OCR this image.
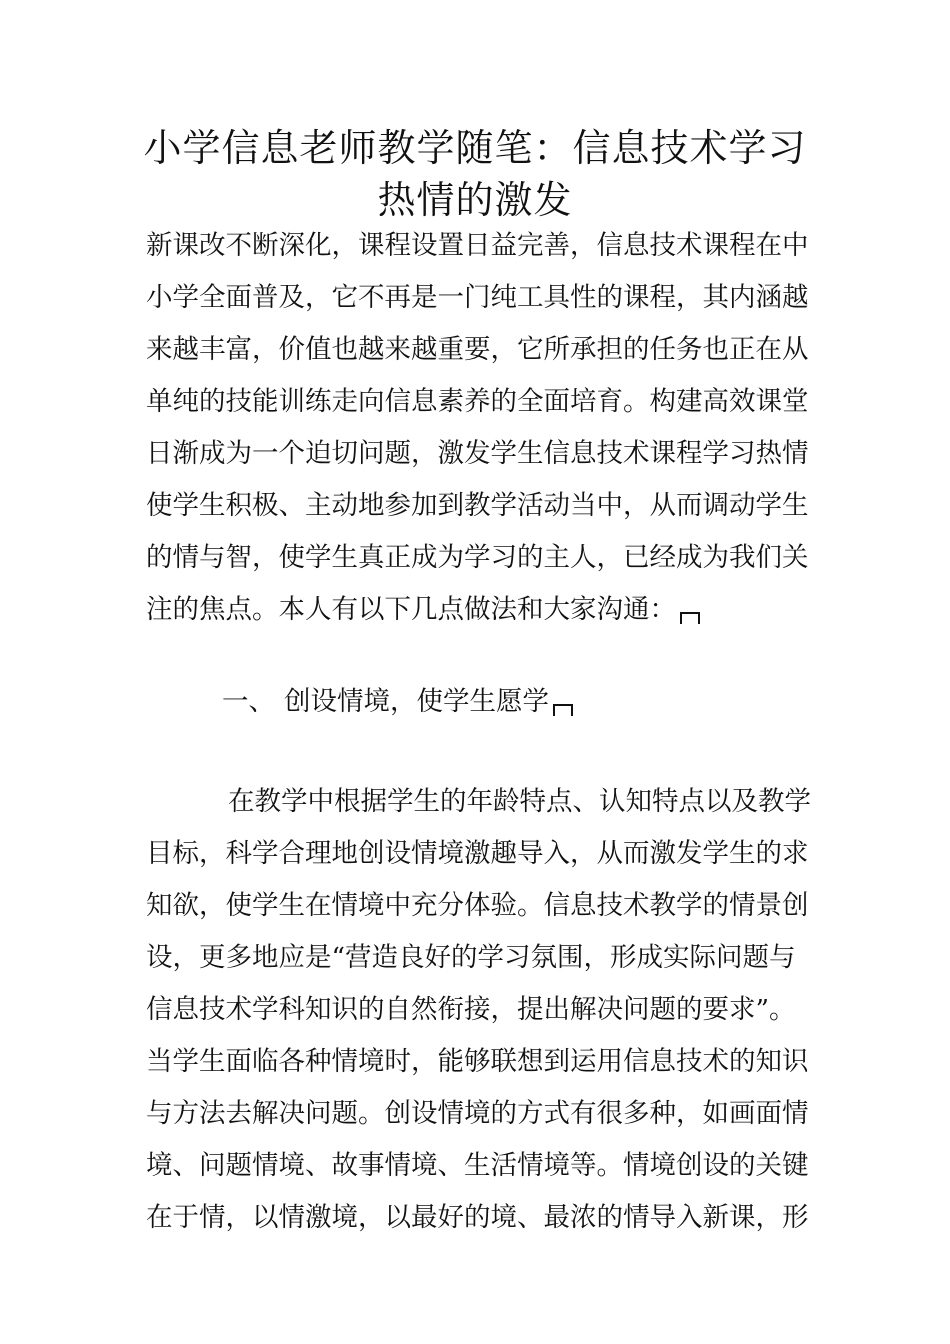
小学信息老师教学随笔：信息技术学习
热情的激发

新课改不断深化，课程设置日益完善，信息技术课程在中

小学全面普及，它不再是一门纯工具性的课程，其内涵越

来越丰富，价值也越来越重要，它所承担的任务也正在从

单纯的技能训练走向信息素养的全面培育。构建高效课堂

日渐成为一个迫切问题，激发学生信息技术课程学习热情

使学生积极、主动地参加到教学活动当中，从而调动学生

的情与智，使学生真正成为学习的主人，已经成为我们关

注的焦点。本人有以下几点做法和大家沟通：

一、 创设情境，使学生愿学

在教学中根据学生的年龄特点、认知特点以及教学

目标，科学合理地创设情境激趣导入，从而激发学生的求

知欲，使学生在情境中充分体验。信息技术教学的情景创

设，更多地应是“营造良好的学习氛围，形成实际问题与

信息技术学科知识的自然衔接，提出解决问题的要求”。

当学生面临各种情境时，能够联想到运用信息技术的知识

与方法去解决问题。创设情境的方式有很多种，如画面情

境、问题情境、故事情境、生活情境等。情境创设的关键

在于情，以情激境，以最好的境、最浓的情导入新课，形
